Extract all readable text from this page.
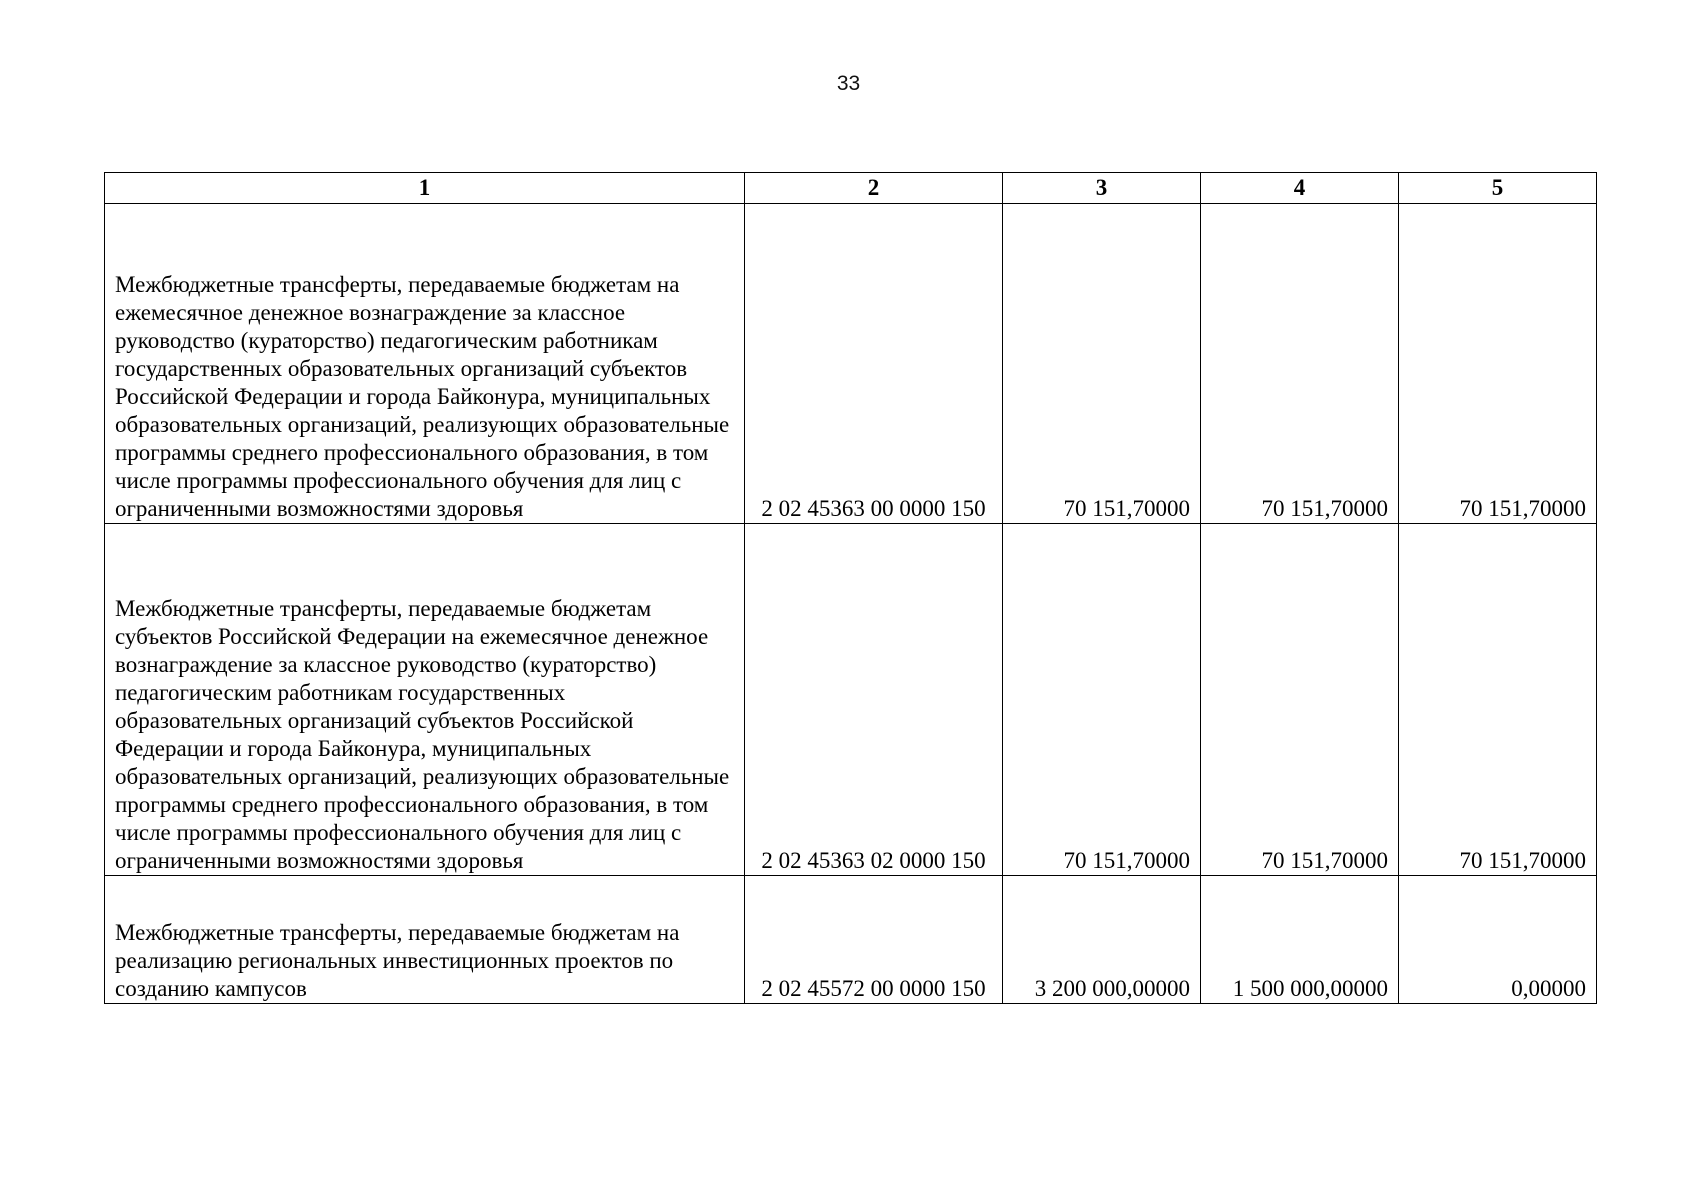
33
1	2	3	4	5
Межбюджетные трансферты, передаваемые бюджетам на ежемесячное денежное вознаграждение за классное руководство (кураторство) педагогическим работникам государственных образовательных организаций субъектов Российской Федерации и города Байконура, муниципальных образовательных организаций, реализующих образовательные программы среднего профессионального образования, в том числе программы профессионального обучения для лиц с ограниченными возможностями здоровья	2 02 45363 00 0000 150	70 151,70000	70 151,70000	70 151,70000
Межбюджетные трансферты, передаваемые бюджетам субъектов Российской Федерации на ежемесячное денежное вознаграждение за классное руководство (кураторство) педагогическим работникам государственных образовательных организаций субъектов Российской Федерации и города Байконура, муниципальных образовательных организаций, реализующих образовательные программы среднего профессионального образования, в том числе программы профессионального обучения для лиц с ограниченными возможностями здоровья	2 02 45363 02 0000 150	70 151,70000	70 151,70000	70 151,70000
Межбюджетные трансферты, передаваемые бюджетам на реализацию региональных инвестиционных проектов по созданию кампусов	2 02 45572 00 0000 150	3 200 000,00000	1 500 000,00000	0,00000
